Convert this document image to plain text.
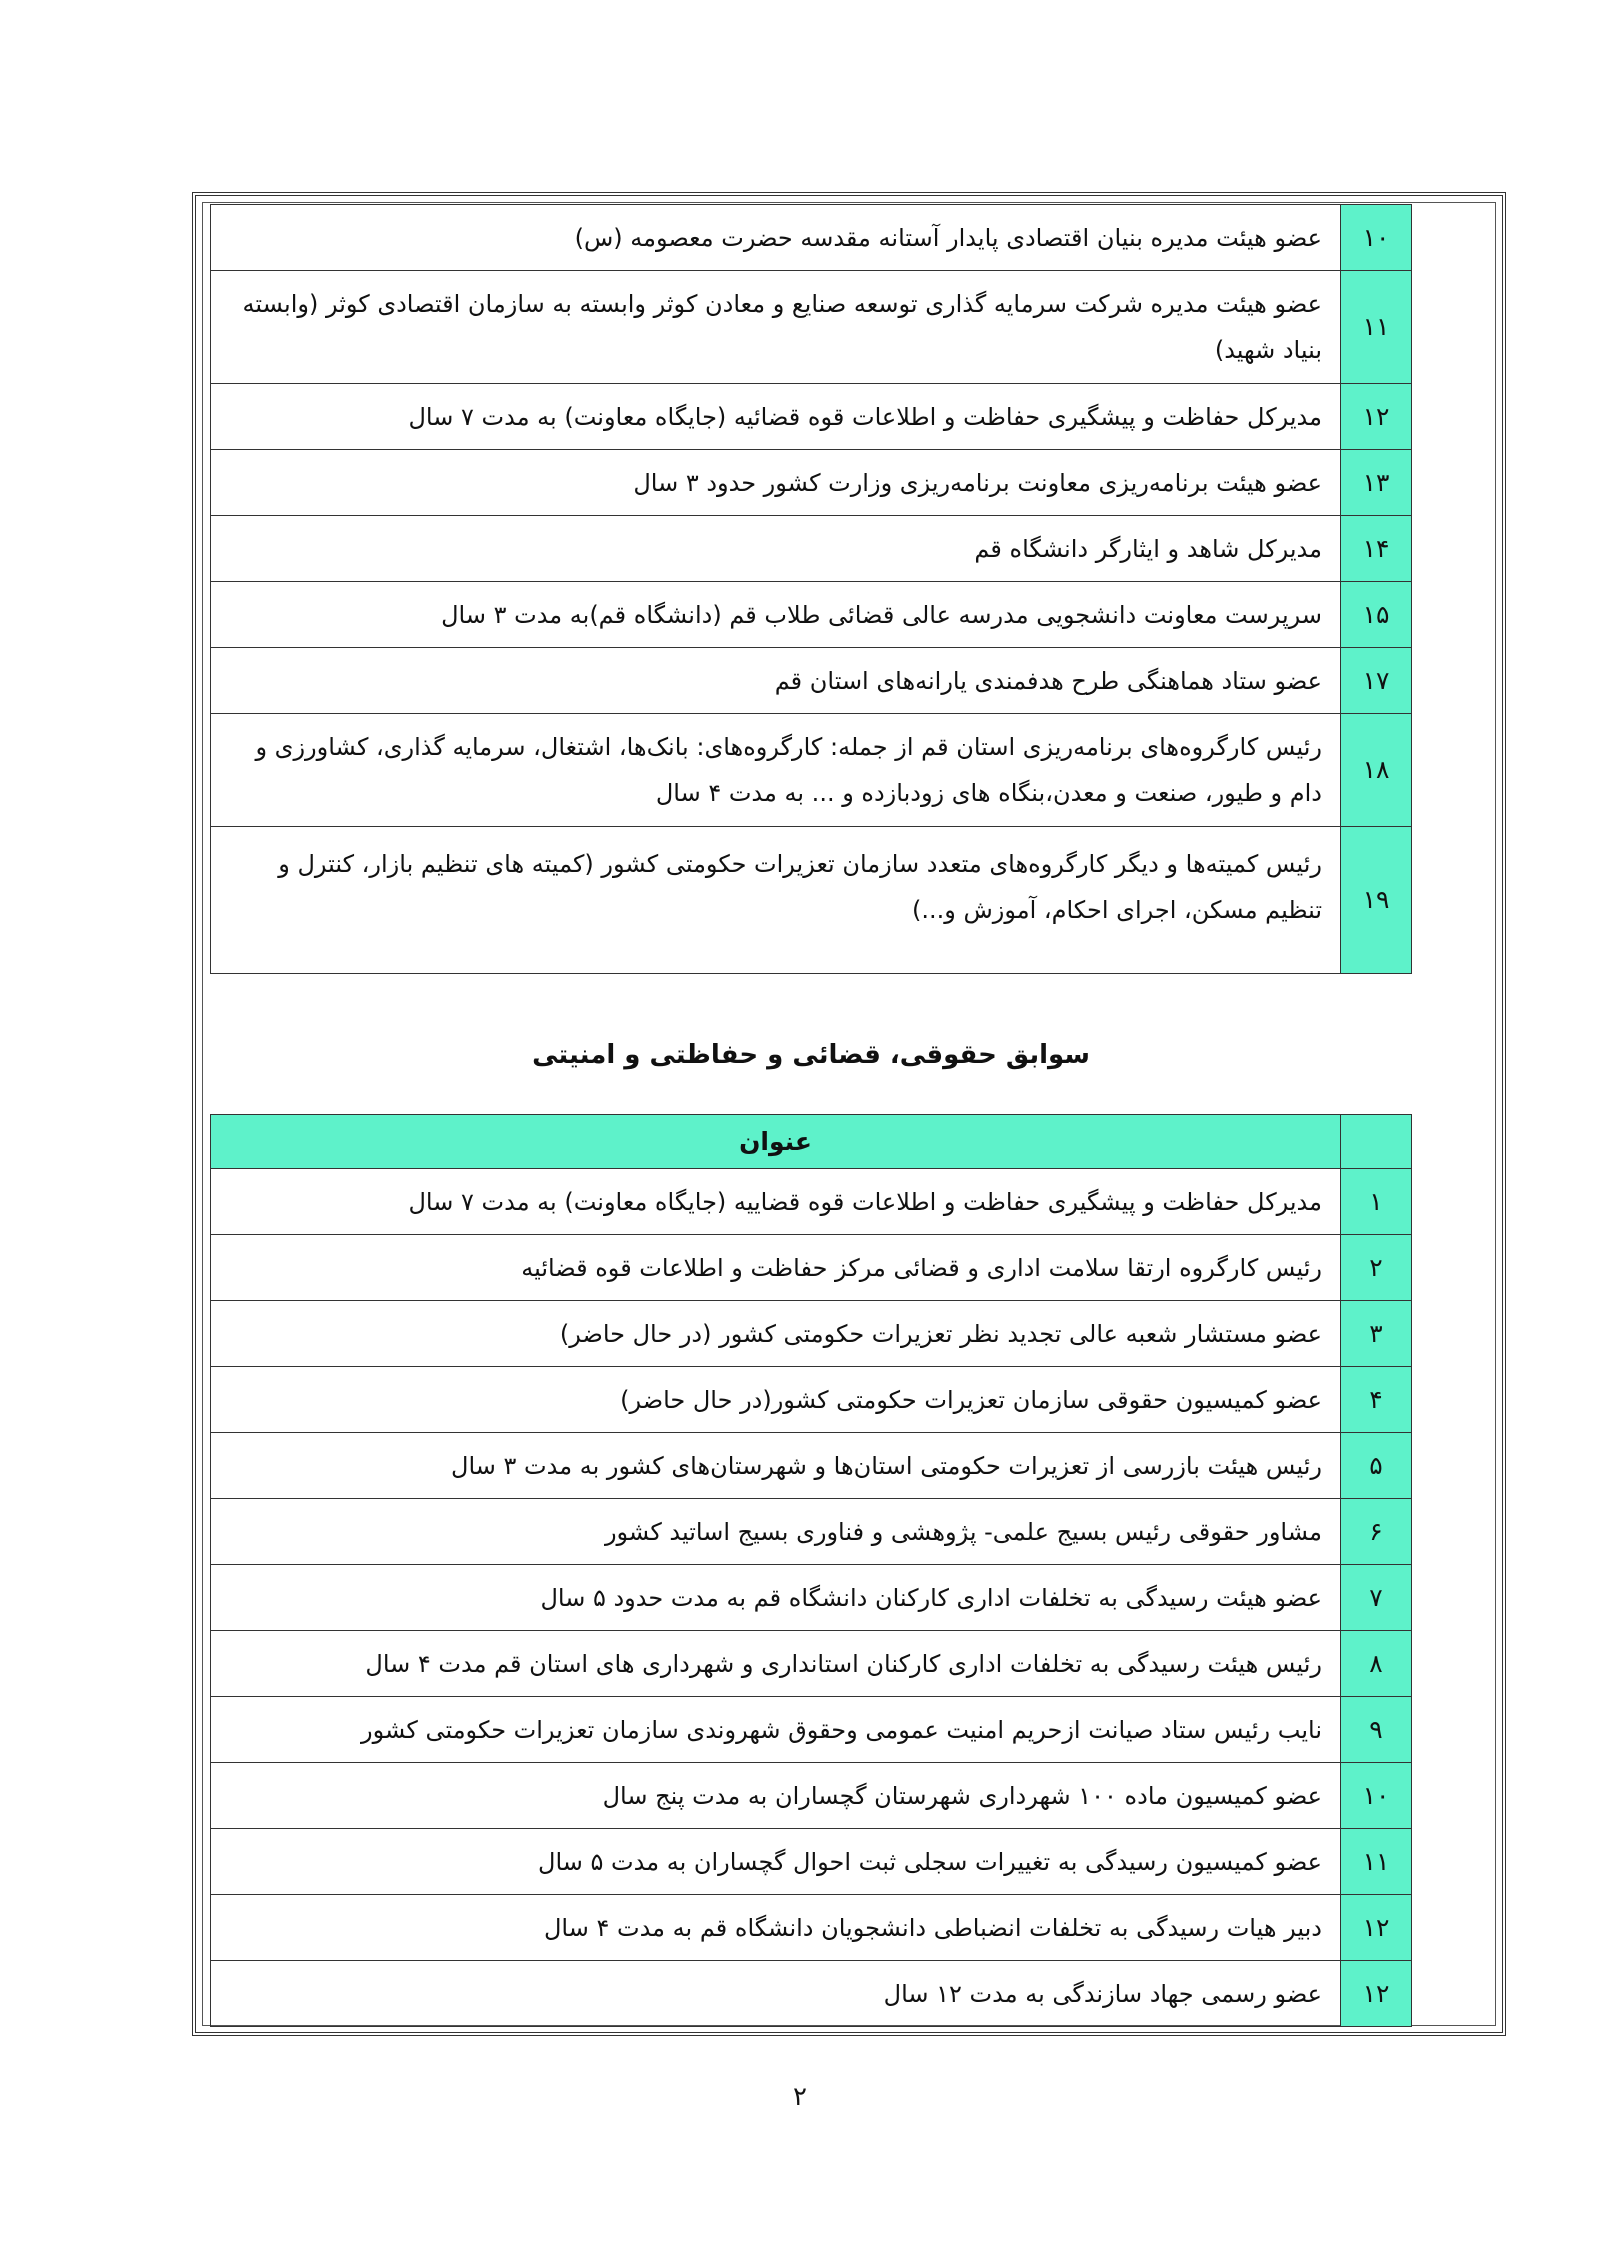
۱۰	عضو هیئت مدیره بنیان اقتصادی پایدار آستانه مقدسه حضرت معصومه (س)
۱۱	عضو هیئت مدیره شرکت سرمایه گذاری توسعه صنایع و معادن کوثر وابسته به سازمان اقتصادی کوثر (وابسته بنیاد شهید)
۱۲	مدیرکل حفاظت و پیشگیری حفاظت و اطلاعات قوه قضائیه (جایگاه معاونت) به مدت ۷ سال
۱۳	عضو هیئت برنامه‌ریزی معاونت برنامه‌ریزی وزارت کشور حدود ۳ سال
۱۴	مدیرکل شاهد و ایثارگر دانشگاه قم
۱۵	سرپرست معاونت دانشجویی مدرسه عالی قضائی طلاب قم (دانشگاه قم)به مدت ۳ سال
۱۷	عضو ستاد هماهنگی طرح هدفمندی یارانه‌های استان قم
۱۸	رئیس کارگروه‌های برنامه‌ریزی استان قم از جمله: کارگروه‌های: بانک‌ها، اشتغال، سرمایه گذاری، کشاورزی و دام و طیور، صنعت و معدن،بنگاه های زودبازده و ... به مدت ۴ سال
۱۹	رئیس کمیته‌ها و دیگر کارگروه‌های متعدد سازمان تعزیرات حکومتی کشور (کمیته های تنظیم بازار، کنترل و تنظیم مسکن، اجرای احکام، آموزش و...)
سوابق حقوقی، قضائی و حفاظتی و امنیتی
	عنوان
۱	مدیرکل حفاظت و پیشگیری حفاظت و اطلاعات قوه قضاییه (جایگاه معاونت) به مدت ۷ سال
۲	رئیس کارگروه ارتقا سلامت اداری و قضائی مرکز حفاظت و اطلاعات قوه قضائیه
۳	عضو مستشار شعبه عالی تجدید نظر تعزیرات حکومتی کشور (در حال حاضر)
۴	عضو کمیسیون حقوقی سازمان تعزیرات حکومتی کشور(در حال حاضر)
۵	رئیس هیئت بازرسی از تعزیرات حکومتی استان‌ها و شهرستان‌های کشور به مدت ۳ سال
۶	مشاور حقوقی رئیس بسیج علمی- پژوهشی و فناوری بسیج اساتید کشور
۷	عضو هیئت رسیدگی به تخلفات اداری کارکنان دانشگاه قم به مدت حدود ۵ سال
۸	رئیس هیئت رسیدگی به تخلفات اداری کارکنان استانداری و شهرداری های استان قم مدت ۴ سال
۹	نایب رئیس ستاد صیانت ازحریم امنیت عمومی وحقوق شهروندی سازمان تعزیرات حکومتی کشور
۱۰	عضو کمیسیون ماده ۱۰۰ شهرداری شهرستان گچساران به مدت پنج سال
۱۱	عضو کمیسیون رسیدگی به تغییرات سجلی ثبت احوال گچساران به مدت ۵ سال
۱۲	دبیر هیات رسیدگی به تخلفات انضباطی دانشجویان دانشگاه قم به مدت ۴ سال
۱۲	عضو رسمی جهاد سازندگی به مدت ۱۲ سال
۲
